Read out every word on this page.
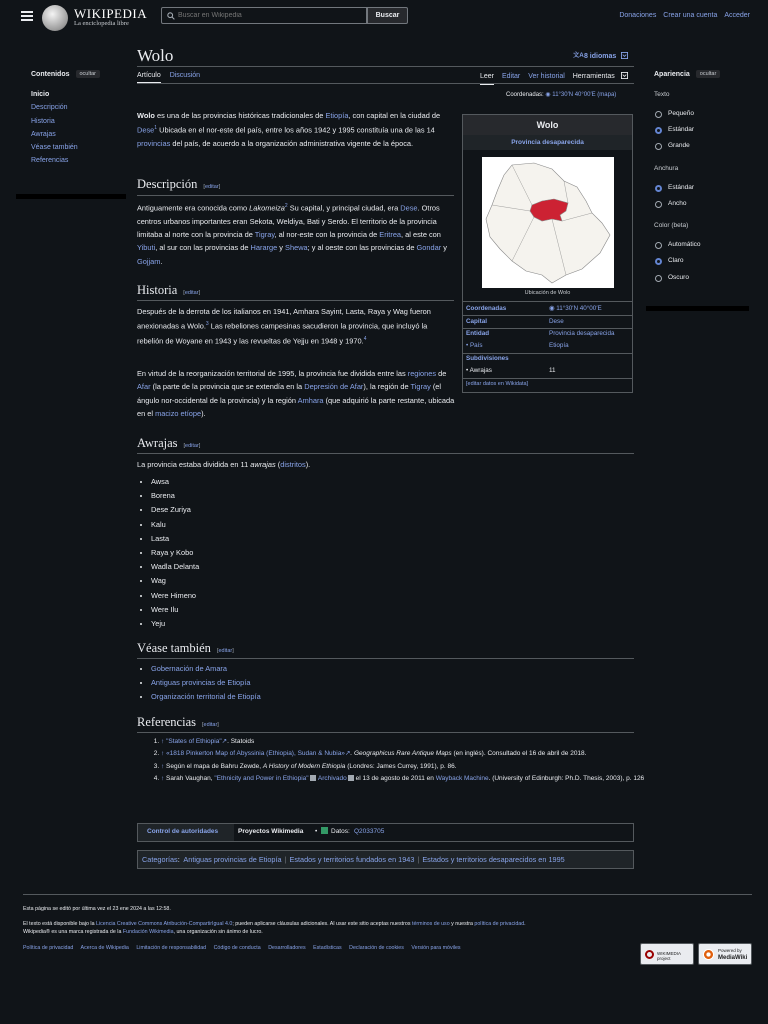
WIKIPEDIA
La enciclopedia libre
Buscar en Wikipedia
Buscar	Donaciones Crear una cuenta Acceder
Contenidos ocultar
Inicio
Descripción
Historia
Awrajas
Véase también
Referencias
Wolo	文A 8 idiomas
Artículo Discusión	Leer Editar Ver historial Herramientas
Coordenadas: ◉ 11°30′N 40°00′E (mapa)
Wolo es una de las provincias históricas tradicionales de Etiopía, con capital en la ciudad de Dese$^1$ Ubicada en el nor-este del país, entre los años 1942 y 1995 constituía una de las 14 provincias del país, de acuerdo a la organización administrativa vigente de la época.
Descripción [editar]
Antiguamente era conocida como Lakomeiza$^2$ Su capital, y principal ciudad, era Dese. Otros centros urbanos importantes eran Sekota, Weldiya, Bati y Serdo. El territorio de la provincia limitaba al norte con la provincia de Tigray, al nor-este con la provincia de Eritrea, al este con Yibuti, al sur con las provincias de Hararge y Shewa; y al oeste con las provincias de Gondar y Gojjam.
Historia [editar]
Después de la derrota de los italianos en 1941, Amhara Sayint, Lasta, Raya y Wag fueron anexionadas a Wolo.$^3$ Las rebeliones campesinas sacudieron la provincia, que incluyó la rebelión de Woyane en 1943 y las revueltas de Yejju en 1948 y 1970.$^4$
En virtud de la reorganización territorial de 1995, la provincia fue dividida entre las regiones de Afar (la parte de la provincia que se extendía en la Depresión de Afar), la región de Tigray (el ángulo nor-occidental de la provincia) y la región Amhara (que adquirió la parte restante, ubicada en el macizo etíope).
Awrajas [editar]
La provincia estaba dividida en 11 awrajas (distritos).
• Awsa
• Borena
• Dese Zuriya
• Kalu
• Lasta
• Raya y Kobo
• Wadla Delanta
• Wag
• Were Himeno
• Were Ilu
• Yeju
Véase también [editar]
• Gobernación de Amara
• Antiguas provincias de Etiopía
• Organización territorial de Etiopía
Referencias [editar]
1. ↑ "States of Ethiopia"↗. Statoids
2. ↑ «1818 Pinkerton Map of Abyssinia (Ethiopia), Sudan & Nubia»↗. Geographicus Rare Antique Maps (en inglés). Consultado el 16 de abril de 2018.
3. ↑ Según el mapa de Bahru Zewde, A History of Modern Ethiopia (Londres: James Currey, 1991), p. 86.
4. ↑ Sarah Vaughan, "Ethnicity and Power in Ethiopia" Archivado el 13 de agosto de 2011 en Wayback Machine. (University of Edinburgh: Ph.D. Thesis, 2003), p. 126
Control de autoridades	Proyectos Wikimedia • Datos: Q2033705
Categorías:  Antiguas provincias de Etiopía | Estados y territorios fundados en 1943 | Estados y territorios desaparecidos en 1995
Wolo
Provincia desaparecida
Ubicación de Wolo
Coordenadas	◉ 11°30′N 40°00′E
Capital	Dese
Entidad	Provincia desaparecida
• País	Etiopía
Subdivisiones
• Awrajas	11
[editar datos en Wikidata]
Apariencia ocultar
Texto
Pequeño
Estándar
Grande
Anchura
Estándar
Ancho
Color (beta)
Automático
Claro
Oscuro
Esta página se editó por última vez el 23 ene 2024 a las 12:58.
El texto está disponible bajo la Licencia Creative Commons Atribución-CompartirIgual 4.0; pueden aplicarse cláusulas adicionales. Al usar este sitio aceptas nuestros términos de uso y nuestra política de privacidad.
Wikipedia® es una marca registrada de la Fundación Wikimedia, una organización sin ánimo de lucro.
Política de privacidad Acerca de Wikipedia Limitación de responsabilidad Código de conducta Desarrolladores Estadísticas Declaración de cookies Versión para móviles
WIKIMEDIA project
Powered by
MediaWiki
